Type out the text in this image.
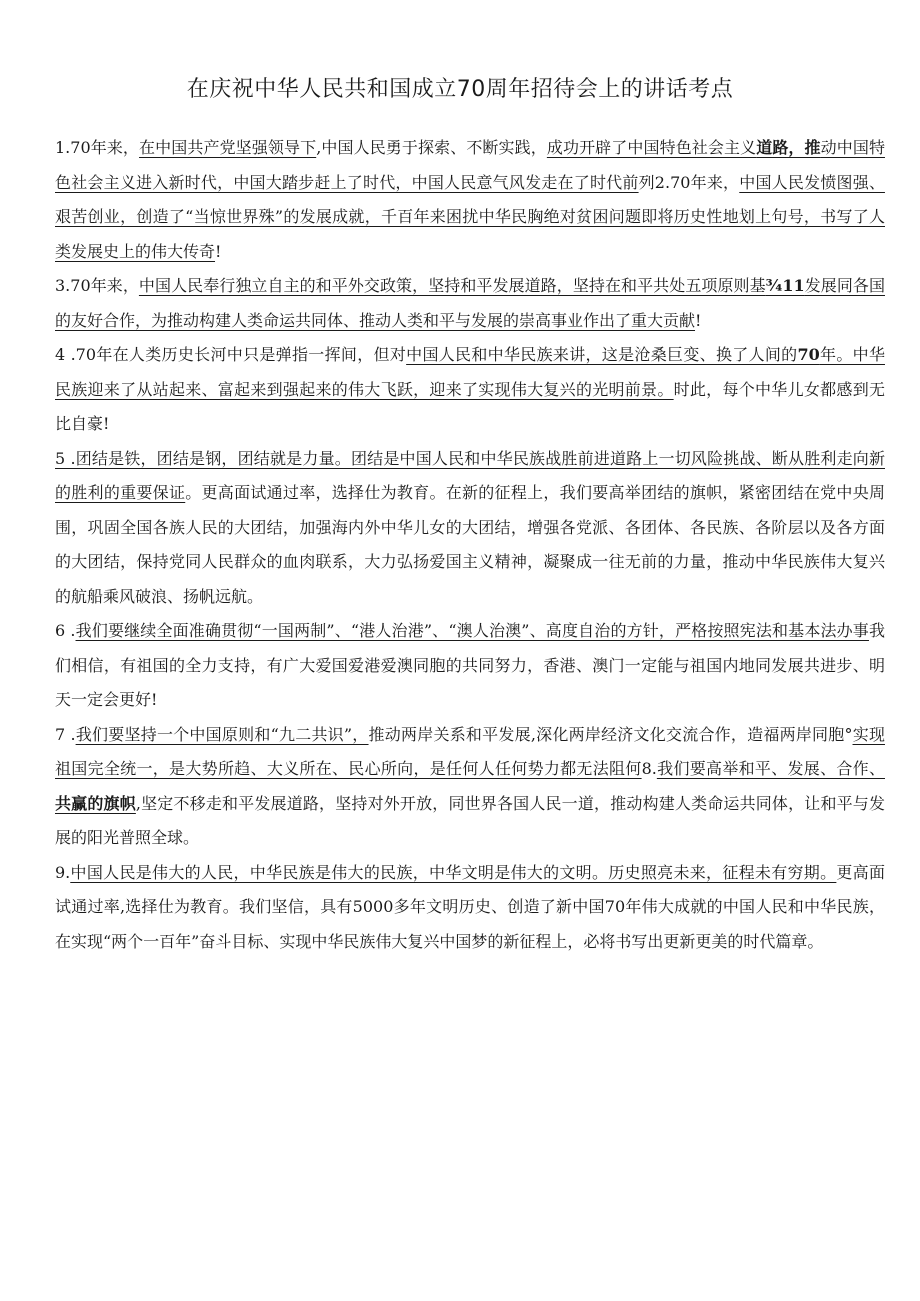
在庆祝中华人民共和国成立70周年招待会上的讲话考点

1.70年来，在中国共产党坚强领导下,中国人民勇于探索、不断实践，成功开辟了中国特色社会主义道路，推动中国特色社会主义进入新时代，中国大踏步赶上了时代，中国人民意气风发走在了时代前列2.70年来，中国人民发愤图强、艰苦创业，创造了“当惊世界殊”的发展成就，千百年来困扰中华民胸绝对贫困问题即将历史性地划上句号，书写了人类发展史上的伟大传奇!

3.70年来，中国人民奉行独立自主的和平外交政策，坚持和平发展道路，坚持在和平共处五项原则基¾11发展同各国的友好合作，为推动构建人类命运共同体、推动人类和平与发展的崇高事业作出了重大贡献!

4 .70年在人类历史长河中只是弹指一挥间，但对中国人民和中华民族来讲，这是沧桑巨变、换了人间的70年。中华民族迎来了从站起来、富起来到强起来的伟大飞跃，迎来了实现伟大复兴的光明前景。时此，每个中华儿女都感到无比自豪!

5 .团结是铁，团结是钢，团结就是力量。团结是中国人民和中华民族战胜前进道路上一切风险挑战、断从胜利走向新的胜利的重要保证。更高面试通过率，选择仕为教育。在新的征程上，我们要高举团结的旗帜，紧密团结在党中央周围，巩固全国各族人民的大团结，加强海内外中华儿女的大团结，增强各党派、各团体、各民族、各阶层以及各方面的大团结，保持党同人民群众的血肉联系，大力弘扬爱国主义精神，凝聚成一往无前的力量，推动中华民族伟大复兴的航船乘风破浪、扬帆远航。

6 .我们要继续全面准确贯彻“一国两制”、“港人治港”、“澳人治澳”、高度自治的方针，严格按照宪法和基本法办事我们相信，有祖国的全力支持，有广大爱国爱港爱澳同胞的共同努力，香港、澳门一定能与祖国内地同发展共进步、明天一定会更好!

7 .我们要坚持一个中国原则和“九二共识”，推动两岸关系和平发展,深化两岸经济文化交流合作，造福两岸同胞°实现祖国完全统一，是大势所趋、大义所在、民心所向，是任何人任何势力都无法阻何8.我们要高举和平、发展、合作、共赢的旗帜,坚定不移走和平发展道路，坚持对外开放，同世界各国人民一道，推动构建人类命运共同体，让和平与发展的阳光普照全球。

9.中国人民是伟大的人民，中华民族是伟大的民族，中华文明是伟大的文明。历史照亮未来，征程未有穷期。更高面试通过率,选择仕为教育。我们坚信，具有5000多年文明历史、创造了新中国70年伟大成就的中国人民和中华民族，在实现“两个一百年”奋斗目标、实现中华民族伟大复兴中国梦的新征程上，必将书写出更新更美的时代篇章。
